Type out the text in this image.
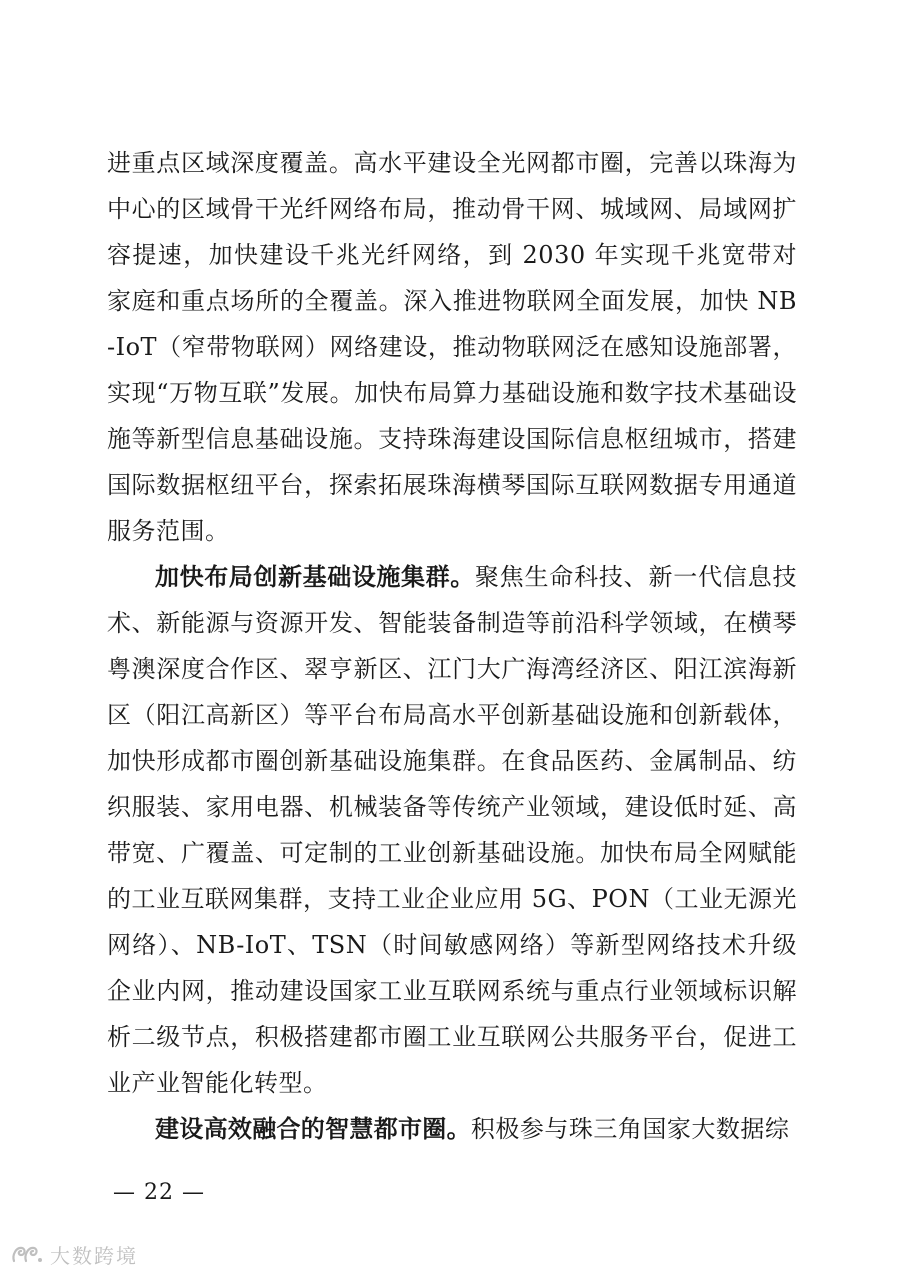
进重点区域深度覆盖。高水平建设全光网都市圈，完善以珠海为中心的区域骨干光纤网络布局，推动骨干网、城域网、局域网扩容提速，加快建设千兆光纤网络，到 2030 年实现千兆宽带对家庭和重点场所的全覆盖。深入推进物联网全面发展，加快 NB-IoT（窄带物联网）网络建设，推动物联网泛在感知设施部署，实现“万物互联”发展。加快布局算力基础设施和数字技术基础设施等新型信息基础设施。支持珠海建设国际信息枢纽城市，搭建国际数据枢纽平台，探索拓展珠海横琴国际互联网数据专用通道服务范围。

加快布局创新基础设施集群。聚焦生命科技、新一代信息技术、新能源与资源开发、智能装备制造等前沿科学领域，在横琴粤澳深度合作区、翠亨新区、江门大广海湾经济区、阳江滨海新区（阳江高新区）等平台布局高水平创新基础设施和创新载体，加快形成都市圈创新基础设施集群。在食品医药、金属制品、纺织服装、家用电器、机械装备等传统产业领域，建设低时延、高带宽、广覆盖、可定制的工业创新基础设施。加快布局全网赋能的工业互联网集群，支持工业企业应用 5G、PON（工业无源光网络）、NB-IoT、TSN（时间敏感网络）等新型网络技术升级企业内网，推动建设国家工业互联网系统与重点行业领域标识解析二级节点，积极搭建都市圈工业互联网公共服务平台，促进工业产业智能化转型。

建设高效融合的智慧都市圈。积极参与珠三角国家大数据综

— 22 —
大数跨境
